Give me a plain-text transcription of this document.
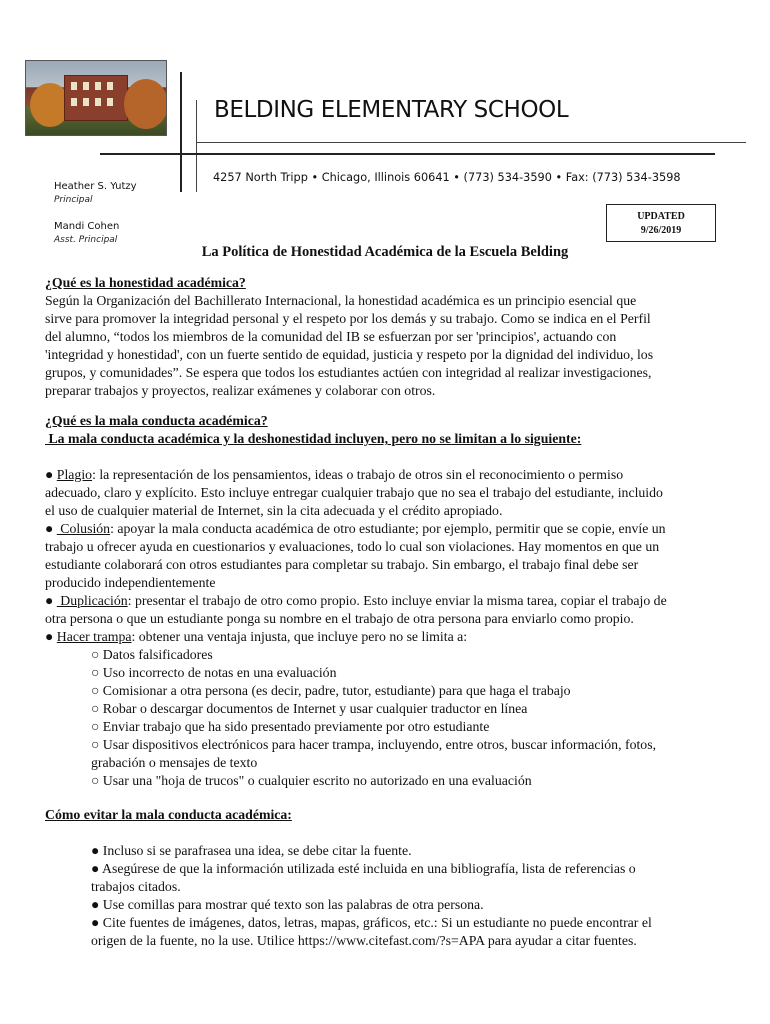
BELDING ELEMENTARY SCHOOL
4257 North Tripp • Chicago, Illinois 60641 • (773) 534-3590 • Fax: (773) 534-3598
Heather S. Yutzy
Principal
Mandi Cohen
Asst. Principal
UPDATED
9/26/2019
La Política de Honestidad Académica de la Escuela Belding

¿Qué es la honestidad académica?

Según la Organización del Bachillerato Internacional, la honestidad académica es un principio esencial que

sirve para promover la integridad personal y el respeto por los demás y su trabajo. Como se indica en el Perfil

del alumno, “todos los miembros de la comunidad del IB se esfuerzan por ser 'principios', actuando con

'integridad y honestidad', con un fuerte sentido de equidad, justicia y respeto por la dignidad del individuo, los

grupos, y comunidades”. Se espera que todos los estudiantes actúen con integridad al realizar investigaciones,

preparar trabajos y proyectos, realizar exámenes y colaborar con otros.

¿Qué es la mala conducta académica?

La mala conducta académica y la deshonestidad incluyen, pero no se limitan a lo siguiente:

● Plagio: la representación de los pensamientos, ideas o trabajo de otros sin el reconocimiento o permiso

adecuado, claro y explícito. Esto incluye entregar cualquier trabajo que no sea el trabajo del estudiante, incluido

el uso de cualquier material de Internet, sin la cita adecuada y el crédito apropiado.

●  Colusión: apoyar la mala conducta académica de otro estudiante; por ejemplo, permitir que se copie, envíe un

trabajo u ofrecer ayuda en cuestionarios y evaluaciones, todo lo cual son violaciones. Hay momentos en que un

estudiante colaborará con otros estudiantes para completar su trabajo. Sin embargo, el trabajo final debe ser

producido independientemente

●  Duplicación: presentar el trabajo de otro como propio. Esto incluye enviar la misma tarea, copiar el trabajo de

otra persona o que un estudiante ponga su nombre en el trabajo de otra persona para enviarlo como propio.

● Hacer trampa: obtener una ventaja injusta, que incluye pero no se limita a:

○ Datos falsificadores

○ Uso incorrecto de notas en una evaluación

○ Comisionar a otra persona (es decir, padre, tutor, estudiante) para que haga el trabajo

○ Robar o descargar documentos de Internet y usar cualquier traductor en línea

○ Enviar trabajo que ha sido presentado previamente por otro estudiante

○ Usar dispositivos electrónicos para hacer trampa, incluyendo, entre otros, buscar información, fotos,

grabación o mensajes de texto

○ Usar una "hoja de trucos" o cualquier escrito no autorizado en una evaluación

Cómo evitar la mala conducta académica:

● Incluso si se parafrasea una idea, se debe citar la fuente.

● Asegúrese de que la información utilizada esté incluida en una bibliografía, lista de referencias o

trabajos citados.

● Use comillas para mostrar qué texto son las palabras de otra persona.

● Cite fuentes de imágenes, datos, letras, mapas, gráficos, etc.: Si un estudiante no puede encontrar el

origen de la fuente, no la use. Utilice https://www.citefast.com/?s=APA para ayudar a citar fuentes.
